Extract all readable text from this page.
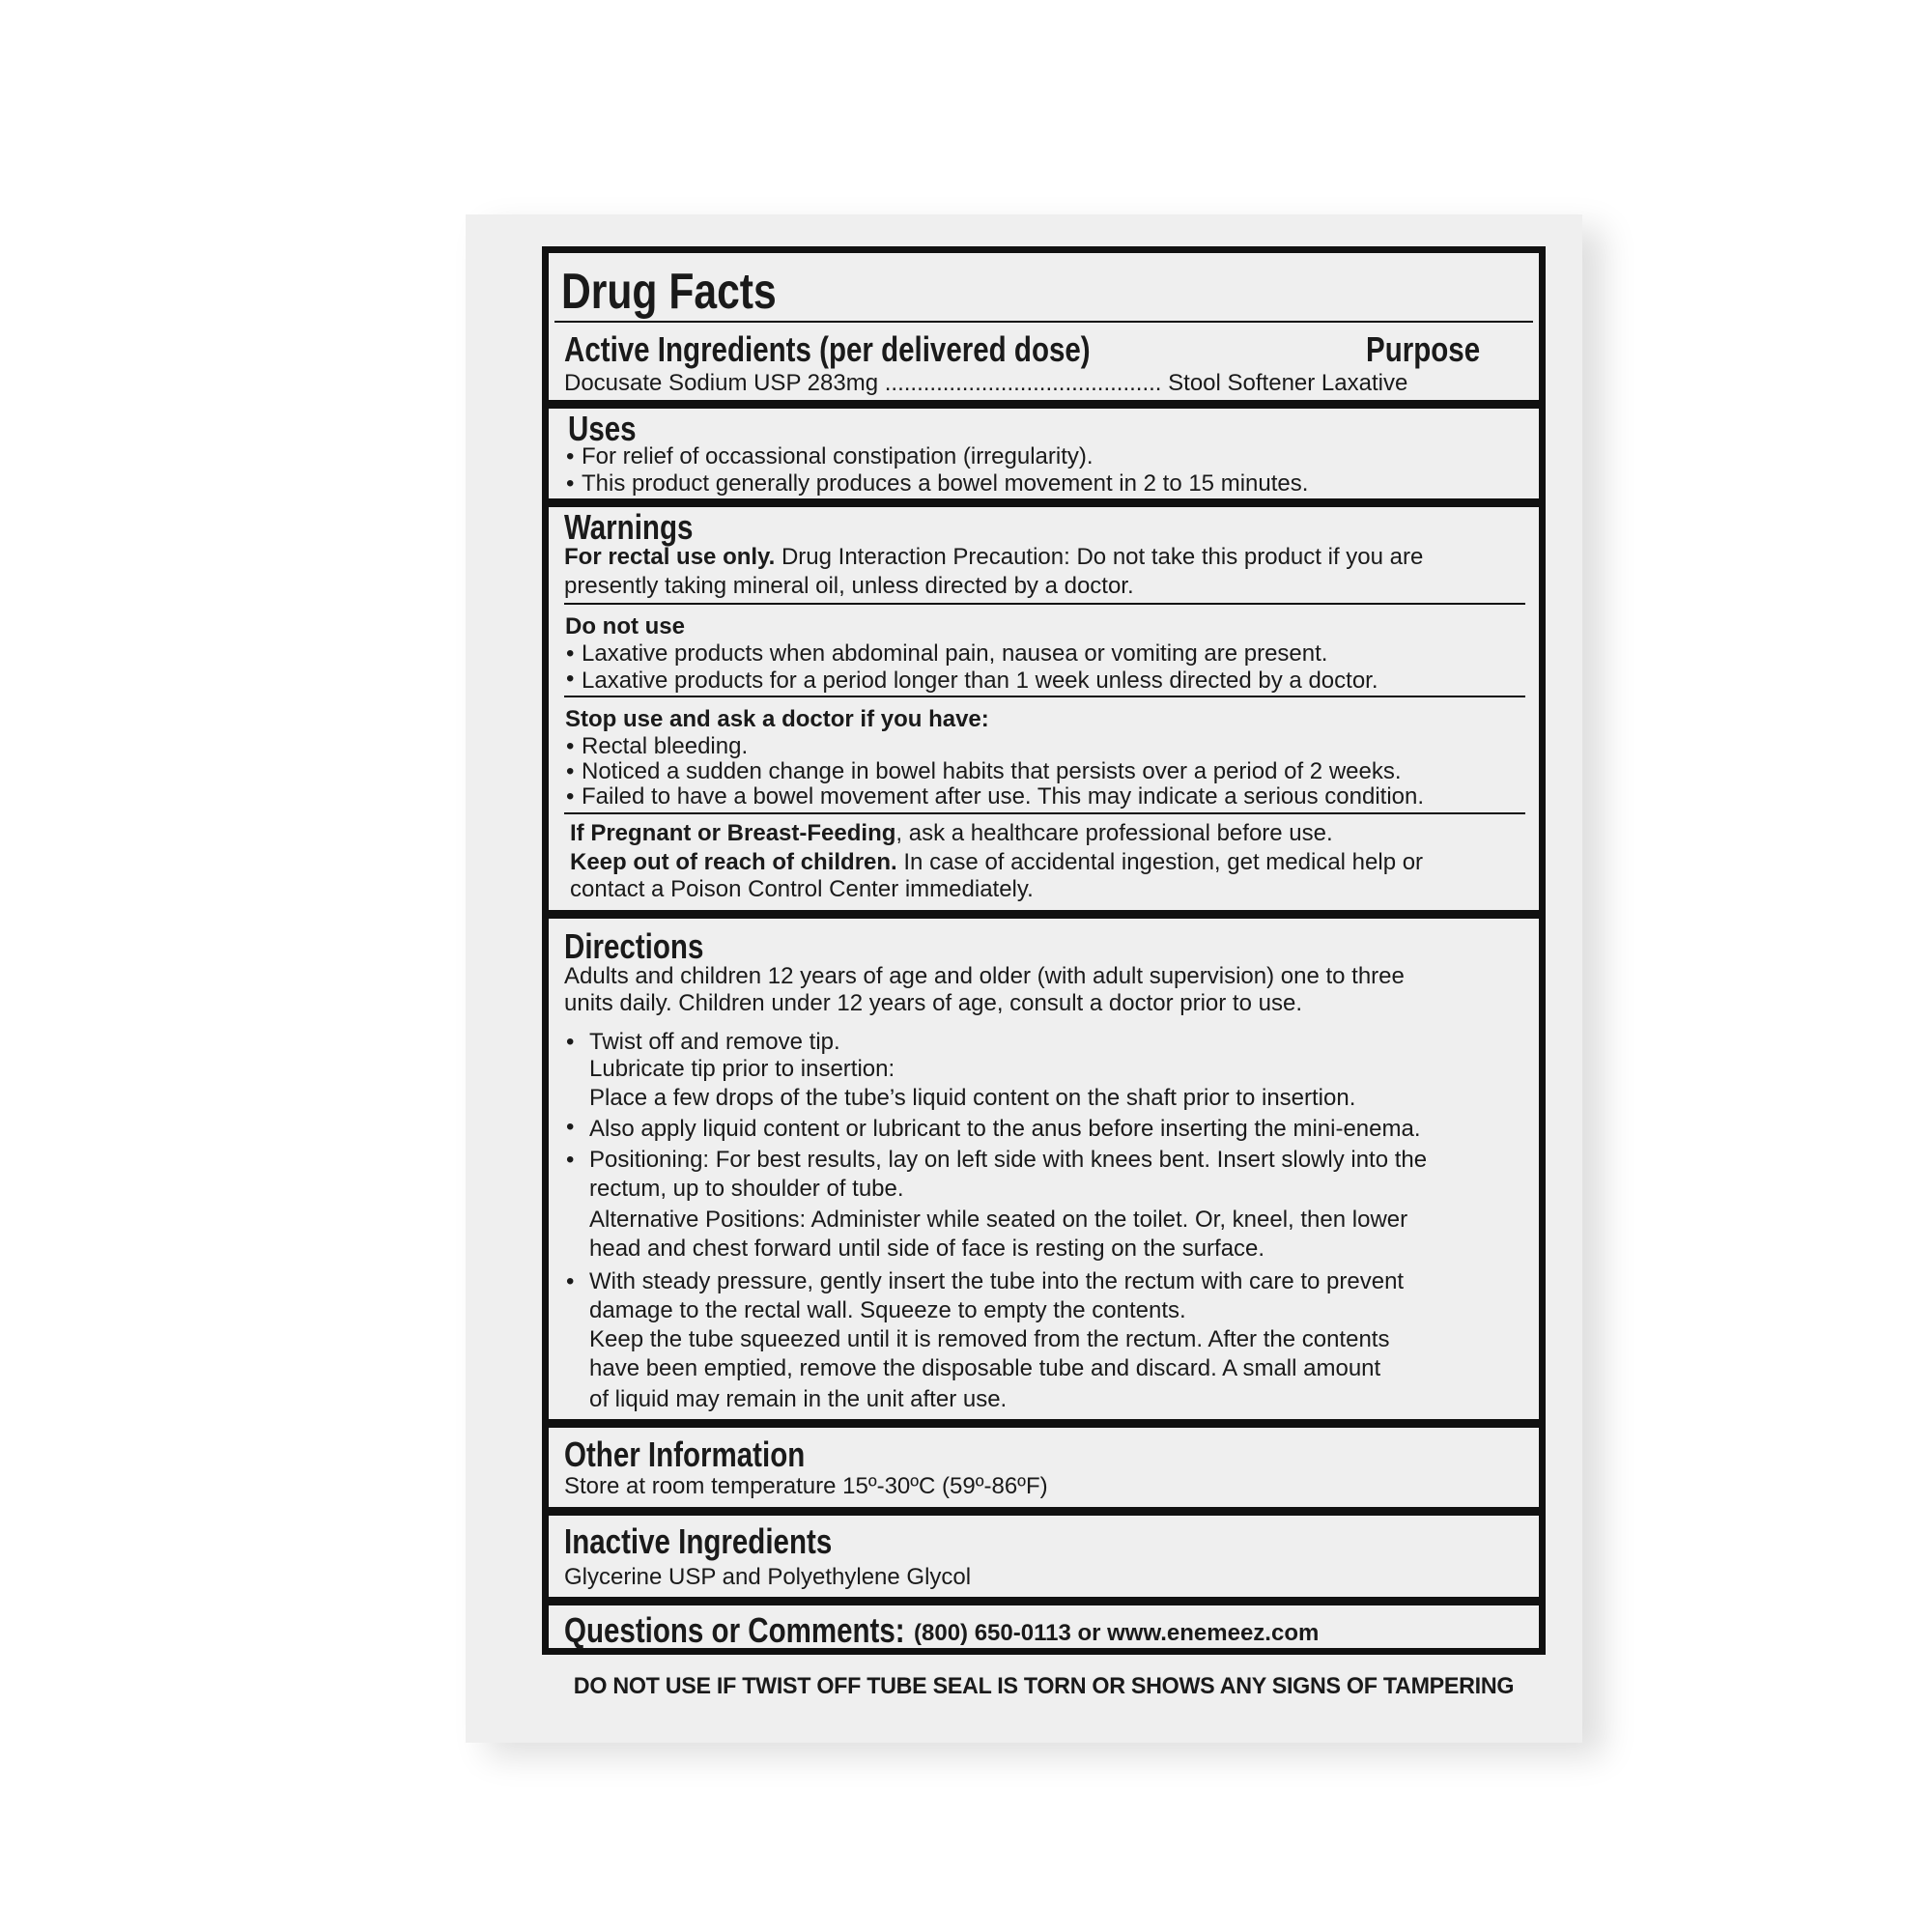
Drug Facts
Active Ingredients (per delivered dose)	Purpose
Docusate Sodium USP 283mg ........................................... Stool Softener Laxative
Uses
• For relief of occassional constipation (irregularity).
• This product generally produces a bowel movement in 2 to 15 minutes.
Warnings
For rectal use only. Drug Interaction Precaution: Do not take this product if you are
presently taking mineral oil, unless directed by a doctor.
Do not use
• Laxative products when abdominal pain, nausea or vomiting are present.
• Laxative products for a period longer than 1 week unless directed by a doctor.
Stop use and ask a doctor if you have:
• Rectal bleeding.
• Noticed a sudden change in bowel habits that persists over a period of 2 weeks.
• Failed to have a bowel movement after use. This may indicate a serious condition.
If Pregnant or Breast-Feeding, ask a healthcare professional before use.
Keep out of reach of children. In case of accidental ingestion, get medical help or
contact a Poison Control Center immediately.
Directions
Adults and children 12 years of age and older (with adult supervision) one to three
units daily. Children under 12 years of age, consult a doctor prior to use.
• Twist off and remove tip.
Lubricate tip prior to insertion:
Place a few drops of the tube’s liquid content on the shaft prior to insertion.
• Also apply liquid content or lubricant to the anus before inserting the mini-enema.
• Positioning: For best results, lay on left side with knees bent. Insert slowly into the
rectum, up to shoulder of tube.
Alternative Positions: Administer while seated on the toilet. Or, kneel, then lower
head and chest forward until side of face is resting on the surface.
• With steady pressure, gently insert the tube into the rectum with care to prevent
damage to the rectal wall. Squeeze to empty the contents.
Keep the tube squeezed until it is removed from the rectum. After the contents
have been emptied, remove the disposable tube and discard. A small amount
of liquid may remain in the unit after use.
Other Information
Store at room temperature 15º-30ºC (59º-86ºF)
Inactive Ingredients
Glycerine USP and Polyethylene Glycol
Questions or Comments: (800) 650-0113 or www.enemeez.com
DO NOT USE IF TWIST OFF TUBE SEAL IS TORN OR SHOWS ANY SIGNS OF TAMPERING
